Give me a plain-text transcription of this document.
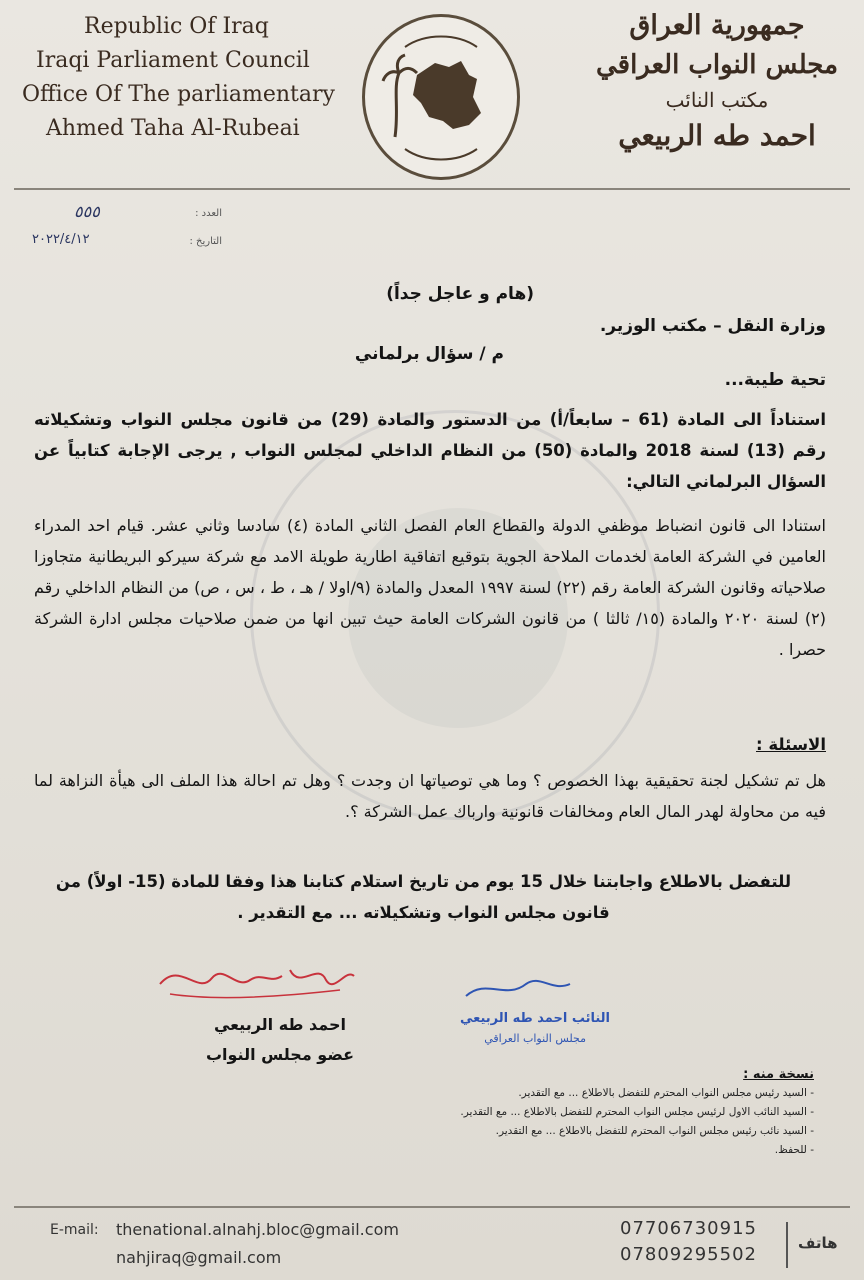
Republic Of Iraq
Iraqi Parliament Council
Office Of The parliamentary
Ahmed Taha Al-Rubeai
جمهورية العراق
مجلس النواب العراقي
مكتب النائب
احمد طه الربيعي
٥٥٥	العدد :
٢٠٢٢/٤/١٢	التاريخ :
(هام و عاجل جداً)
وزارة النقل – مكتب الوزير.
م / سؤال برلماني
تحية طيبة...
استناداً الى المادة (61 – سابعاً/أ) من الدستور والمادة (29) من قانون مجلس النواب وتشكيلاته رقم (13) لسنة 2018 والمادة (50) من النظام الداخلي لمجلس النواب , يرجى الإجابة كتابياً عن السؤال البرلماني التالي:
استنادا الى قانون انضباط موظفي الدولة والقطاع العام الفصل الثاني المادة (٤) سادسا وثاني عشر. قيام احد المدراء العامين في الشركة العامة لخدمات الملاحة الجوية بتوقيع اتفاقية اطارية طويلة الامد مع شركة سيركو البريطانية متجاوزا صلاحياته وقانون الشركة العامة رقم (٢٢) لسنة ١٩٩٧ المعدل والمادة (٩/اولا / هـ ، ط ، س ، ص) من النظام الداخلي رقم (٢) لسنة ٢٠٢٠ والمادة (١٥/ ثالثا ) من قانون الشركات العامة حيث تبين انها من ضمن صلاحيات مجلس ادارة الشركة حصرا .
الاسئلة :
هل تم تشكيل لجنة تحقيقية بهذا الخصوص ؟ وما هي توصياتها ان وجدت ؟ وهل تم احالة هذا الملف الى هيأة النزاهة لما فيه من محاولة لهدر المال العام ومخالفات قانونية وارباك عمل الشركة ؟.
للتفضل بالاطلاع واجابتنا خلال 15 يوم من تاريخ استلام كتابنا هذا وفقا للمادة (15- اولاً) من قانون مجلس النواب وتشكيلاته ... مع التقدير .
النائب احمد طه الربيعي
مجلس النواب العراقي
احمد طه الربيعي
عضو مجلس النواب
نسخة منه :
- السيد رئيس مجلس النواب المحترم للتفضل بالاطلاع ... مع التقدير.
- السيد النائب الاول لرئيس مجلس النواب المحترم للتفضل بالاطلاع ... مع التقدير.
- السيد نائب رئيس مجلس النواب المحترم للتفضل بالاطلاع ... مع التقدير.
- للحفظ.
E-mail: thenational.alnahj.bloc@gmail.com
nahjiraq@gmail.com
07706730915
07809295502
هاتف
